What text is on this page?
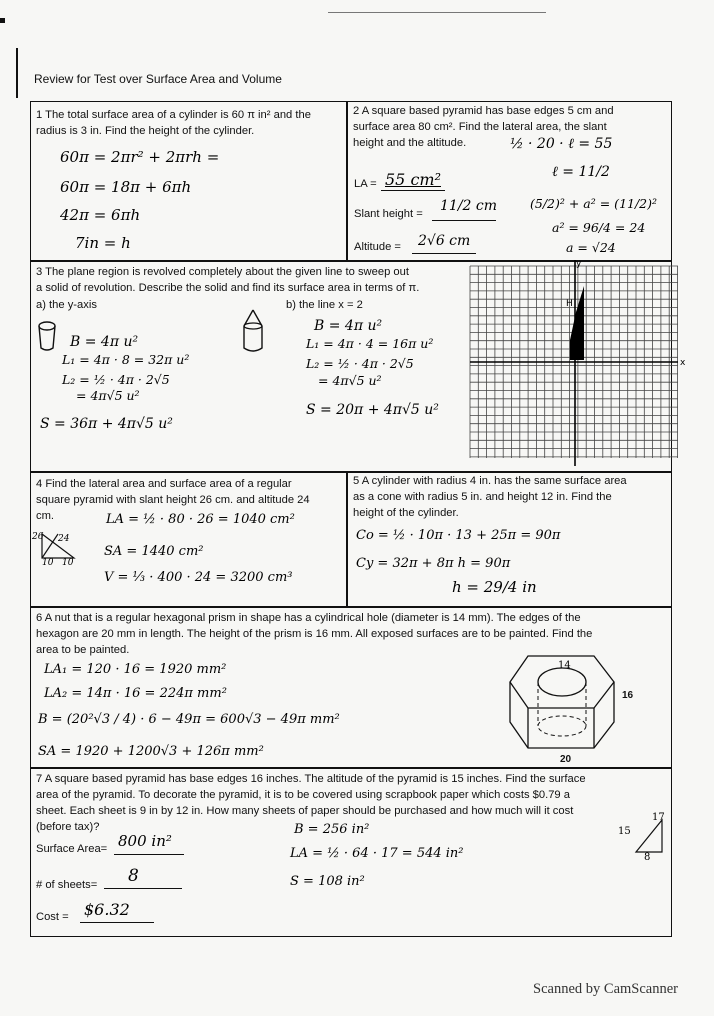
Review for Test over Surface Area and Volume
1 The total surface area of a cylinder is 60 π in² and the
radius is 3 in. Find the height of the cylinder.
60π = 2πr² + 2πrh =
60π = 18π + 6πh
42π = 6πh
7in = h
2 A square based pyramid has base edges 5 cm and
surface area 80 cm². Find the lateral area, the slant
height and the altitude.	½ · 20 · ℓ = 55
ℓ = 11/2
(5/2)² + a² = (11/2)²
a² = 96/4 = 24
a = √24
LA = 55 cm²
Slant height = 11/2 cm
Altitude = 2√6 cm
3 The plane region is revolved completely about the given line to sweep out
a solid of revolution. Describe the solid and find its surface area in terms of π.
a) the y-axis	b) the line x = 2
B = 4π u²
L₁ = 4π · 8 = 32π u²
L₂ = ½ · 4π · 2√5
= 4π√5 u²
S = 36π + 4π√5 u²
B = 4π u²
L₁ = 4π · 4 = 16π u²
L₂ = ½ · 4π · 2√5
= 4π√5 u²
S = 20π + 4π√5 u²
H
x
y
4 Find the lateral area and surface area of a regular
square pyramid with slant height 26 cm. and altitude 24
cm.
26 24
10 10
LA = ½ · 80 · 26 = 1040 cm²
SA = 1440 cm²
V = ⅓ · 400 · 24 = 3200 cm³
5 A cylinder with radius 4 in. has the same surface area
as a cone with radius 5 in. and height 12 in. Find the
height of the cylinder.
Co = ½ · 10π · 13 + 25π = 90π
Cy = 32π + 8π h = 90π
h = 29/4 in
6 A nut that is a regular hexagonal prism in shape has a cylindrical hole (diameter is 14 mm). The edges of the
hexagon are 20 mm in length. The height of the prism is 16 mm. All exposed surfaces are to be painted. Find the
area to be painted.
LA₁ = 120 · 16 = 1920 mm²
LA₂ = 14π · 16 = 224π mm²
B = (20²√3 / 4) · 6 − 49π = 600√3 − 49π mm²
SA = 1920 + 1200√3 + 126π mm²
14
16
20
7 A square based pyramid has base edges 16 inches. The altitude of the pyramid is 15 inches. Find the surface
area of the pyramid. To decorate the pyramid, it is to be covered using scrapbook paper which costs $0.79 a
sheet. Each sheet is 9 in by 12 in. How many sheets of paper should be purchased and how much will it cost
(before tax)?
Surface Area= 800 in²
# of sheets= 8
Cost = $6.32
B = 256 in²
LA = ½ · 64 · 17 = 544 in²
S = 108 in²
15
17
8
Scanned by CamScanner
